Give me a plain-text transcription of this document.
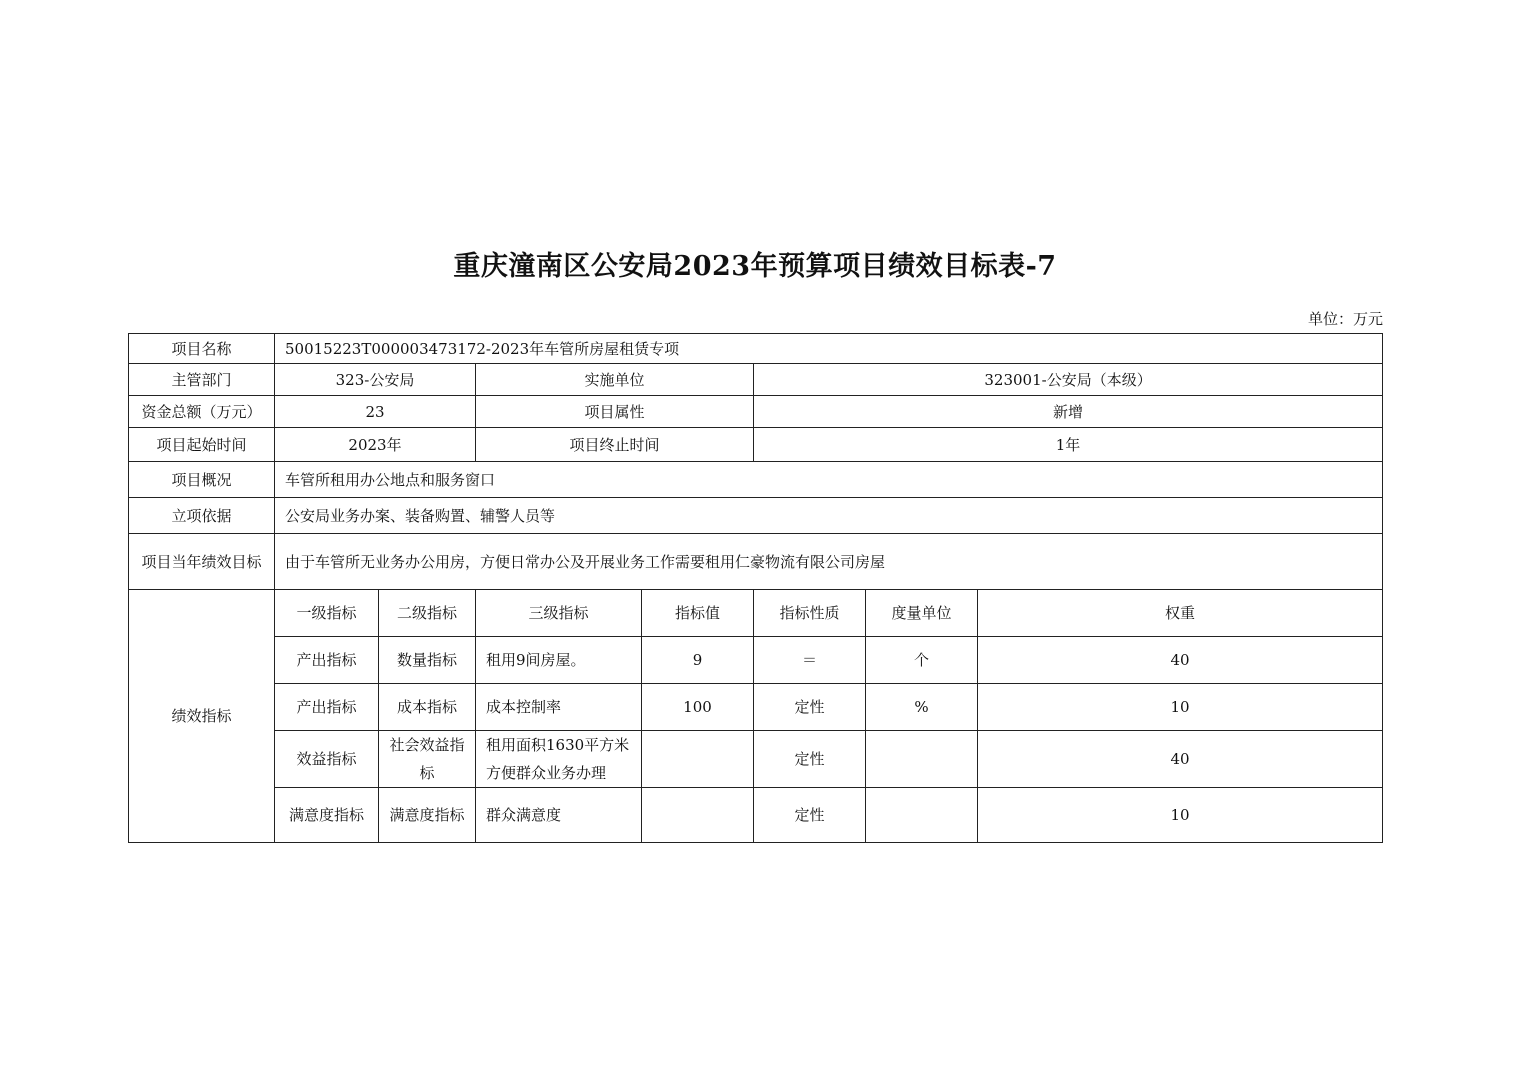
重庆潼南区公安局2023年预算项目绩效目标表-7
单位：万元
项目名称	50015223T000003473172-2023年车管所房屋租赁专项						
主管部门	323-公安局		实施单位		323001-公安局（本级）		
资金总额（万元）	23		项目属性		新增		
项目起始时间	2023年		项目终止时间		1年		
项目概况	车管所租用办公地点和服务窗口						
立项依据	公安局业务办案、装备购置、辅警人员等						
项目当年绩效目标	由于车管所无业务办公用房，方便日常办公及开展业务工作需要租用仁豪物流有限公司房屋						
绩效指标	一级指标	二级指标	三级指标	指标值	指标性质	度量单位	权重
	产出指标	数量指标	租用9间房屋。	9	＝	个	40
	产出指标	成本指标	成本控制率	100	定性	%	10
	效益指标	社会效益指标	租用面积1630平方米方便群众业务办理		定性		40
	满意度指标	满意度指标	群众满意度		定性		10
